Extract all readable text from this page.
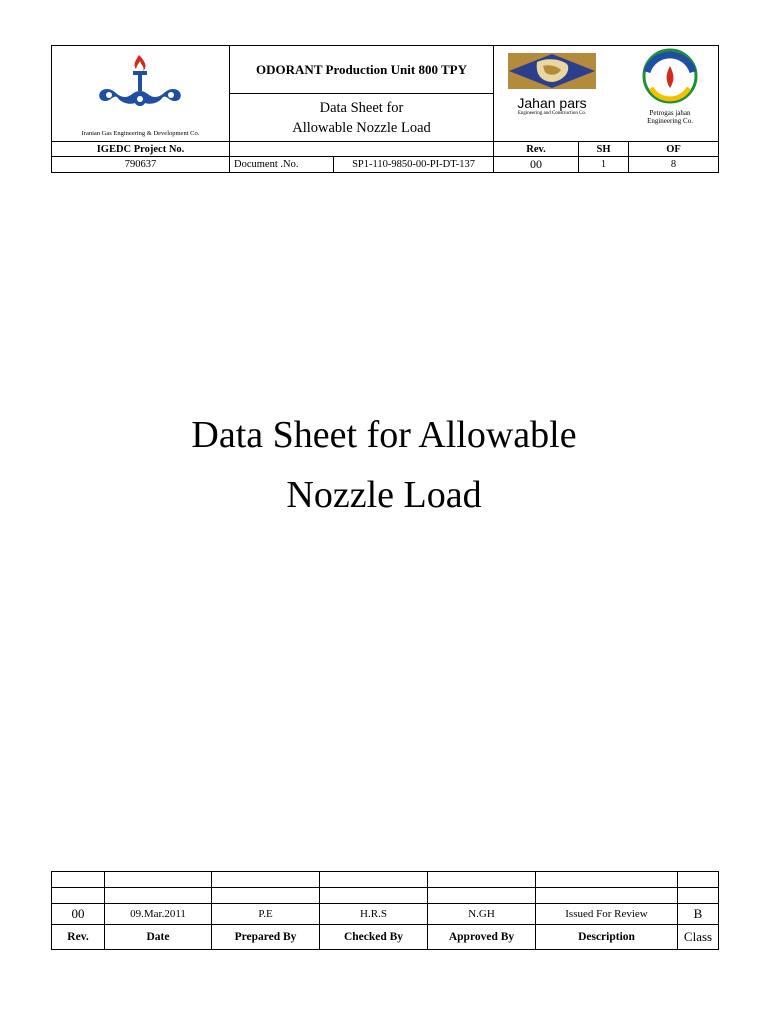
Iranian Gas Engineering & Development Co.	ODORANT Production Unit 800 TPY		Jahan pars
Engineering and Construction Co. Petrogas jahan
Engineering Co.		

	Data Sheet for
Allowable Nozzle Load				

IGEDC Project No.			Rev.	SH	OF
790637	Document .No.	SP1-110-9850-00-PI-DT-137	00	1	8
Data Sheet for Allowable
Nozzle Load

00	09.Mar.2011	P.E	H.R.S	N.GH	Issued For Review	B
Rev.	Date	Prepared By	Checked By	Approved By	Description	Class
